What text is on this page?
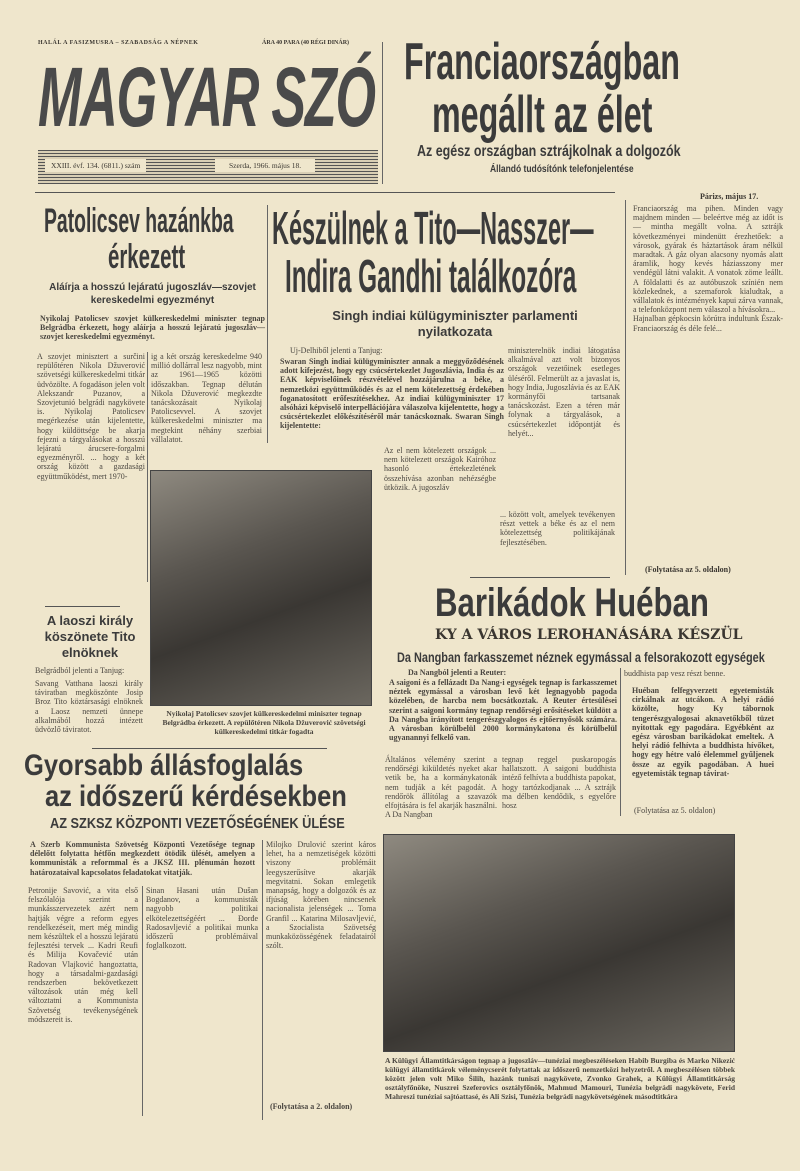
HALÁL A FASIZMUSRA – SZABADSÁG A NÉPNEK	ÁRA 40 PARA (40 RÉGI DINÁR)
MAGYAR SZÓ
XXIII. évf. 134. (6811.) szám	Szerda, 1966. május 18.
Franciaországban
megállt az élet
Az egész országban sztrájkolnak a dolgozók
Állandó tudósítónk telefonjelentése
Párizs, május 17.
Franciaország ma pihen. Minden vagy majdnem minden — beleértve még az időt is — mintha megállt volna. A sztrájk következményei mindenütt érezhetőek: a városok, gyárak és háztartások áram nélkül maradtak. A gáz olyan alacsony nyomás alatt áramlik, hogy kevés háziasszony mer vendégül látni valakit. A vonatok zöme leállt. A földalatti és az autóbuszok színién nem közlekednek, a szemaforok kialudtak, a vállalatok és intézmények kapui zárva vannak, a telefonközpont nem válaszol a hívásokra...
Hajnalban gépkocsin körútra indultunk Észak-Franciaország és déle felé...
(Folytatása az 5. oldalon)
Patolicsev hazánkba
érkezett
Aláírja a hosszú lejáratú jugoszláv—szovjet kereskedelmi egyezményt
Nyikolaj Patolicsev szovjet külkereskedelmi miniszter tegnap Belgrádba érkezett, hogy aláírja a hosszú lejáratú jugoszláv—szovjet kereskedelmi egyezményt.
A szovjet minisztert a surčini repülőtéren Nikola Džuverović szövetségi külkereskedelmi titkár üdvözölte. A fogadáson jelen volt Alekszandr Puzanov, a Szovjetunió belgrádi nagykövete is. Nyikolaj Patolicsev megérkezése után kijelentette, hogy küldöttsége be akarja fejezni a tárgyalásokat a hosszú lejáratú árucsere-forgalmi egyezményről. ... hogy a két ország között a gazdasági együttműködést, mert 1970-
ig a két ország kereskedelme 940 millió dollárral lesz nagyobb, mint az 1961—1965 közötti időszakban. Tegnap délután Nikola Džuverović megkezdte tanácskozásait Nyikolaj Patolicsevvel. A szovjet külkereskedelmi miniszter ma megtekint néhány szerbiai vállalatot.
Nyikolaj Patolicsev szovjet külkereskedelmi miniszter tegnap Belgrádba érkezett. A repülőtéren Nikola Džuverović szövetségi külkereskedelmi titkár fogadta
A laoszi király köszönete Tito elnöknek
Belgrádból jelenti a Tanjug:
Savang Vatthana laoszi király táviratban megköszönte Josip Broz Tito köztársasági elnöknek a Laosz nemzeti ünnepe alkalmából hozzá intézett üdvözlő táviratot.
Készülnek a Tito—Nasszer—
Indira Gandhi találkozóra
Singh indiai külügyminiszter parlamenti nyilatkozata
Uj-Delhiből jelenti a Tanjug:
Swaran Singh indiai külügyminiszter annak a meggyőződésének adott kifejezést, hogy egy csúcsértekezlet Jugoszlávia, India és az EAK képviselőinek részvételével hozzájárulna a béke, a nemzetközi együttműködés és az el nem kötelezettség érdekében foganatosított erőfeszítésekhez. Az indiai külügyminiszter 17 alsóházi képviselő interpellációjára válaszolva kijelentette, hogy a csúcsértekezlet előkészítéséről már tanácskoznak. Swaran Singh kijelentette:
Az el nem kötelezett országok ... nem kötelezett országok Kairóhoz hasonló értekezletének összehívása azonban nehézségbe ütközik. A jugoszláv
... között volt, amelyek tevékenyen részt vettek a béke és az el nem kötelezettség politikájának fejlesztésében.
miniszterelnök indiai látogatása alkalmával azt volt bizonyos országok vezetőinek esetleges üléséről. Felmerült az a javaslat is, hogy India, Jugoszlávia és az EAK kormányfői tartsanak tanácskozást. Ezen a téren már folynak a tárgyalások, a csúcsértekezlet időpontját és helyét...
Barikádok Huéban
KY A VÁROS LEROHANÁSÁRA KÉSZÜL
Da Nangban farkasszemet néznek egymással a felsorakozott egységek
Da Nangból jelenti a Reuter:
A saigoni és a fellázadt Da Nang-i egységek tegnap is farkasszemet néztek egymással a városban levő két legnagyobb pagoda közelében, de harcba nem bocsátkoztak. A Reuter értesülései szerint a saigoni kormány tegnap rendőrségi erősítéseket küldött a Da Nangba irányított tengerészgyalogos és ejtőernyősök számára. A városban körülbelül 2000 kormánykatona és körülbelül ugyanannyi felkelő van.
Általános vélemény szerint a rendőrségi kiküldetés nyeket akar vetik be, ha a kormánykatonák nem tudják a két pagodát. A rendőrök állítólag a szavazók elfojtására is fel akarják használni. A Da Nangban
tegnap reggel puskaropogás hallatszott. A saigoni buddhista intéző felhívta a buddhista papokat, hogy tartózkodjanak ... A sztrájk ma délben kendődik, s egyelőre hosz
buddhista pap vesz részt benne.
Huéban felfegyverzett egyetemisták cirkálnak az utcákon. A helyi rádió közölte, hogy Ky tábornok tengerészgyalogosai aknavetőkből tüzet nyitottak egy pagodára. Egyébként az egész városban barikádokat emeltek. A helyi rádió felhívta a buddhista hívőket, hogy egy hétre való élelemmel gyűljenek össze az egyik pagodában. A huei egyetemisták tegnap távirat-
(Folytatása az 5. oldalon)
Gyorsabb állásfoglalás
az időszerű kérdésekben
AZ SZKSZ KÖZPONTI VEZETŐSÉGÉNEK ÜLÉSE
A Szerb Kommunista Szövetség Központi Vezetősége tegnap délelőtt folytatta hétfőn megkezdett ötödik ülését, amelyen a kommunisták a reformmal és a JKSZ III. plénumán hozott határozataival kapcsolatos feladatokat vitatják.
Petronije Savović, a vita első felszólalója szerint a munkásszervezetek azért nem hajtják végre a reform egyes rendelkezéseit, mert még mindig nem készültek el a hosszú lejáratú fejlesztési tervek ... Kadri Reufi és Milija Kovačević után Radovan Vlajković hangoztatta, hogy a társadalmi-gazdasági rendszerben bekövetkezett változások után még kell változtatni a Kommunista Szövetség tevékenységének módszereit is.
Sinan Hasani után Dušan Bogdanov, a kommunisták nagyobb politikai elkötelezettségéért ... Đorđe Radosavljević a politikai munka időszerű problémáival foglalkozott.
Milojko Drulović szerint káros lehet, ha a nemzetiségek közötti viszony problémáit leegyszerűsítve akarják megvitatni. Sokan emlegetik manapság, hogy a dolgozók és az ifjúság körében nincsenek nacionalista jelenségek ... Toma Granfil ... Katarina Milosavljević, a Szocialista Szövetség munkaközösségének feladatairól szólt.
(Folytatása a 2. oldalon)
A Külügyi Államtitkárságon tegnap a jugoszláv—tunéziai megbeszéléseken Habib Burgiba és Marko Nikezić külügyi államtitkárok véleménycserét folytattak az időszerű nemzetközi helyzetről. A megbeszélésen többek között jelen volt Miko Šilih, hazánk tuniszi nagykövete, Zvonko Grahek, a Külügyi Államtitkárság osztályfőnöke, Nuszrei Szeferovics osztályfőnök, Mahmud Mamouri, Tunézia belgrádi nagykövete, Ferid Mahreszi tunéziai sajtóattasé, és Ali Szisi, Tunézia belgrádi nagykövetségének másodtitkára
